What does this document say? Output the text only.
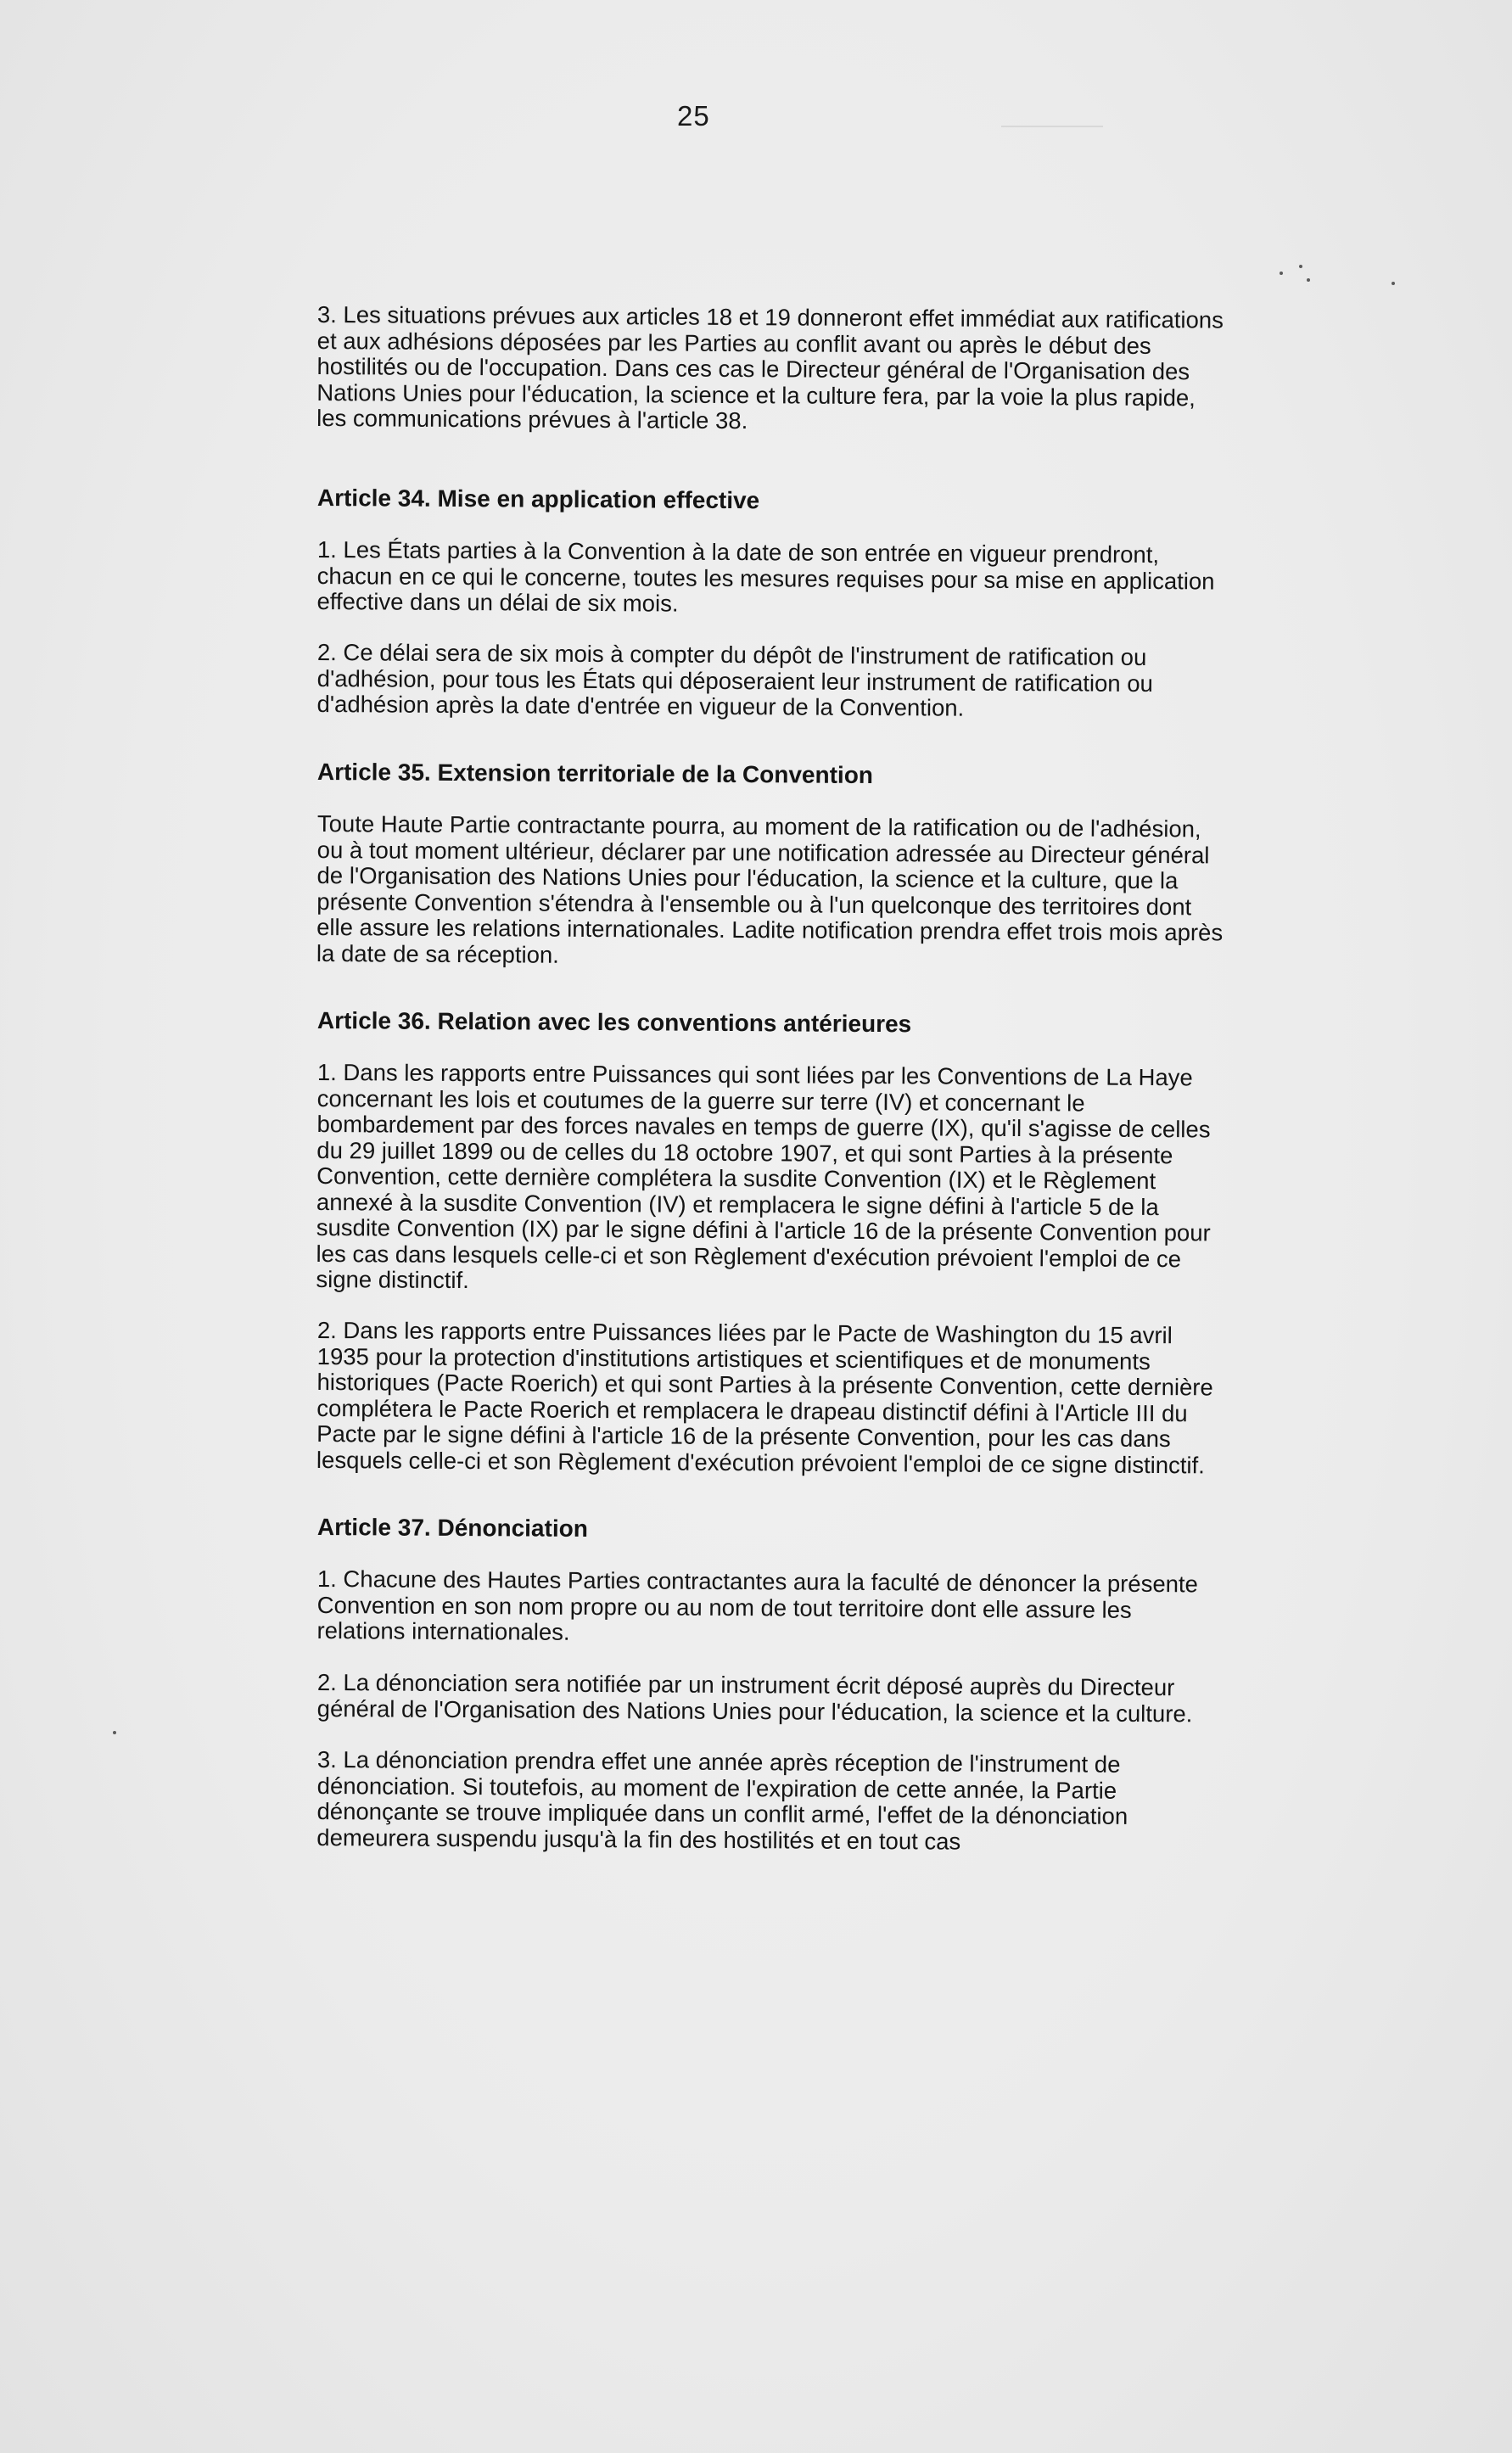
25

3. Les situations prévues aux articles 18 et 19 donneront effet immédiat aux ratifications et aux adhésions déposées par les Parties au conflit avant ou après le début des hostilités ou de l'occupation. Dans ces cas le Directeur général de l'Organisation des Nations Unies pour l'éducation, la science et la culture fera, par la voie la plus rapide, les communications prévues à l'article 38.

Article 34. Mise en application effective

1. Les États parties à la Convention à la date de son entrée en vigueur prendront, chacun en ce qui le concerne, toutes les mesures requises pour sa mise en application effective dans un délai de six mois.

2. Ce délai sera de six mois à compter du dépôt de l'instrument de ratification ou d'adhésion, pour tous les États qui déposeraient leur instrument de ratification ou d'adhésion après la date d'entrée en vigueur de la Convention.

Article 35. Extension territoriale de la Convention

Toute Haute Partie contractante pourra, au moment de la ratification ou de l'adhésion, ou à tout moment ultérieur, déclarer par une notification adressée au Directeur général de l'Organisation des Nations Unies pour l'éducation, la science et la culture, que la présente Convention s'étendra à l'ensemble ou à l'un quelconque des territoires dont elle assure les relations internationales. Ladite notification prendra effet trois mois après la date de sa réception.

Article 36. Relation avec les conventions antérieures

1. Dans les rapports entre Puissances qui sont liées par les Conventions de La Haye concernant les lois et coutumes de la guerre sur terre (IV) et concernant le bombardement par des forces navales en temps de guerre (IX), qu'il s'agisse de celles du 29 juillet 1899 ou de celles du 18 octobre 1907, et qui sont Parties à la présente Convention, cette dernière complétera la susdite Convention (IX) et le Règlement annexé à la susdite Convention (IV) et remplacera le signe défini à l'article 5 de la susdite Convention (IX) par le signe défini à l'article 16 de la présente Convention pour les cas dans lesquels celle-ci et son Règlement d'exécution prévoient l'emploi de ce signe distinctif.

2. Dans les rapports entre Puissances liées par le Pacte de Washington du 15 avril 1935 pour la protection d'institutions artistiques et scientifiques et de monuments historiques (Pacte Roerich) et qui sont Parties à la présente Convention, cette dernière complétera le Pacte Roerich et remplacera le drapeau distinctif défini à l'Article III du Pacte par le signe défini à l'article 16 de la présente Convention, pour les cas dans lesquels celle-ci et son Règlement d'exécution prévoient l'emploi de ce signe distinctif.

Article 37. Dénonciation

1. Chacune des Hautes Parties contractantes aura la faculté de dénoncer la présente Convention en son nom propre ou au nom de tout territoire dont elle assure les relations internationales.

2. La dénonciation sera notifiée par un instrument écrit déposé auprès du Directeur général de l'Organisation des Nations Unies pour l'éducation, la science et la culture.

3. La dénonciation prendra effet une année après réception de l'instrument de dénonciation. Si toutefois, au moment de l'expiration de cette année, la Partie dénonçante se trouve impliquée dans un conflit armé, l'effet de la dénonciation demeurera suspendu jusqu'à la fin des hostilités et en tout cas
